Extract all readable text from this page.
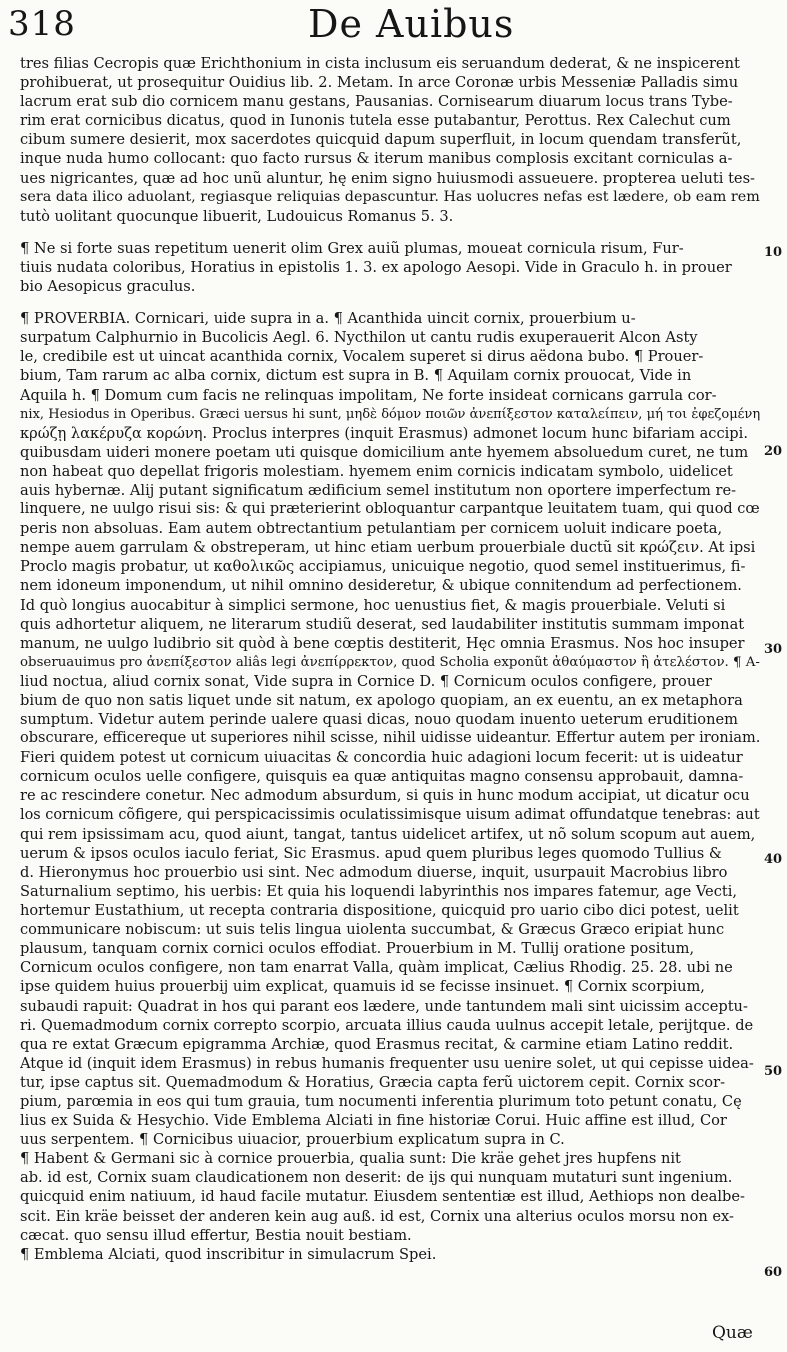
318	De Auibus
tres filias Cecropis quæ Erichthonium in cista inclusum eis seruandum dederat, & ne inspicerent
prohibuerat, ut prosequitur Ouidius lib. 2. Metam. In arce Coronæ urbis Messeniæ Palladis simu
lacrum erat sub dio cornicem manu gestans, Pausanias. Cornisearum diuarum locus trans Tybe-
rim erat cornicibus dicatus, quod in Iunonis tutela esse putabantur, Perottus. Rex Calechut cum
cibum sumere desierit, mox sacerdotes quicquid dapum superfluit, in locum quendam transferũt,
inque nuda humo collocant: quo facto rursus & iterum manibus complosis excitant corniculas a-
ues nigricantes, quæ ad hoc unũ aluntur, hę enim signo huiusmodi assueuere. propterea ueluti tes-
sera data ilico aduolant, regiasque reliquias depascuntur. Has uolucres nefas est lædere, ob eam rem
tutò uolitant quocunque libuerit, Ludouicus Romanus 5. 3.
¶ Ne si forte suas repetitum uenerit olim Grex auiũ plumas, moueat cornicula risum, Fur-
tiuis nudata coloribus, Horatius in epistolis 1. 3. ex apologo Aesopi. Vide in Graculo h. in prouer
bio Aesopicus graculus.
¶ PROVERBIA. Cornicari, uide supra in a. ¶ Acanthida uincit cornix, prouerbium u-
surpatum Calphurnio in Bucolicis Aegl. 6. Nycthilon ut cantu rudis exuperauerit Alcon Asty
le, credibile est ut uincat acanthida cornix, Vocalem superet si dirus aëdona bubo. ¶ Prouer-
bium, Tam rarum ac alba cornix, dictum est supra in B. ¶ Aquilam cornix prouocat, Vide in
Aquila h. ¶ Domum cum facis ne relinquas impolitam, Ne forte insideat cornicans garrula cor-
nix, Hesiodus in Operibus. Græci uersus hi sunt, μηδὲ δόμον ποιῶν ἀνεπίξεστον καταλείπειν, μή τοι ἐφεζομένη
κρώζῃ λακέρυζα κορώνη. Proclus interpres (inquit Erasmus) admonet locum hunc bifariam accipi.
quibusdam uideri monere poetam uti quisque domicilium ante hyemem absoluedum curet, ne tum
non habeat quo depellat frigoris molestiam. hyemem enim cornicis indicatam symbolo, uidelicet
auis hybernæ. Alij putant significatum ædificium semel institutum non oportere imperfectum re-
linquere, ne uulgo risui sis: & qui præterierint obloquantur carpantque leuitatem tuam, qui quod cœ
peris non absoluas. Eam autem obtrectantium petulantiam per cornicem uoluit indicare poeta,
nempe auem garrulam & obstreperam, ut hinc etiam uerbum prouerbiale ductũ sit κρώζειν. At ipsi
Proclo magis probatur, ut καθολικῶς accipiamus, unicuique negotio, quod semel instituerimus, fi-
nem idoneum imponendum, ut nihil omnino desideretur, & ubique connitendum ad perfectionem.
Id quò longius auocabitur à simplici sermone, hoc uenustius fiet, & magis prouerbiale. Veluti si
quis adhortetur aliquem, ne literarum studiũ deserat, sed laudabiliter institutis summam imponat
manum, ne uulgo ludibrio sit quòd à bene cœptis destiterit, Hęc omnia Erasmus. Nos hoc insuper
obseruauimus pro ἀνεπίξεστον aliâs legi ἀνεπίρρεκτον, quod Scholia exponũt ἀθαύμαστον ἢ ἀτελέστον. ¶ A-
liud noctua, aliud cornix sonat, Vide supra in Cornice D. ¶ Cornicum oculos configere, prouer
bium de quo non satis liquet unde sit natum, ex apologo quopiam, an ex euentu, an ex metaphora
sumptum. Videtur autem perinde ualere quasi dicas, nouo quodam inuento ueterum eruditionem
obscurare, efficereque ut superiores nihil scisse, nihil uidisse uideantur. Effertur autem per ironiam.
Fieri quidem potest ut cornicum uiuacitas & concordia huic adagioni locum fecerit: ut is uideatur
cornicum oculos uelle configere, quisquis ea quæ antiquitas magno consensu approbauit, damna-
re ac rescindere conetur. Nec admodum absurdum, si quis in hunc modum accipiat, ut dicatur ocu
los cornicum cõfigere, qui perspicacissimis oculatissimisque uisum adimat offundatque tenebras: aut
qui rem ipsissimam acu, quod aiunt, tangat, tantus uidelicet artifex, ut nõ solum scopum aut auem,
uerum & ipsos oculos iaculo feriat, Sic Erasmus. apud quem pluribus leges quomodo Tullius &
d. Hieronymus hoc prouerbio usi sint. Nec admodum diuerse, inquit, usurpauit Macrobius libro
Saturnalium septimo, his uerbis: Et quia his loquendi labyrinthis nos impares fatemur, age Vecti,
hortemur Eustathium, ut recepta contraria dispositione, quicquid pro uario cibo dici potest, uelit
communicare nobiscum: ut suis telis lingua uiolenta succumbat, & Græcus Græco eripiat hunc
plausum, tanquam cornix cornici oculos effodiat. Prouerbium in M. Tullij oratione positum,
Cornicum oculos configere, non tam enarrat Valla, quàm implicat, Cælius Rhodig. 25. 28. ubi ne
ipse quidem huius prouerbij uim explicat, quamuis id se fecisse insinuet. ¶ Cornix scorpium,
subaudi rapuit: Quadrat in hos qui parant eos lædere, unde tantundem mali sint uicissim acceptu-
ri. Quemadmodum cornix correpto scorpio, arcuata illius cauda uulnus accepit letale, perijtque. de
qua re extat Græcum epigramma Archiæ, quod Erasmus recitat, & carmine etiam Latino reddit.
Atque id (inquit idem Erasmus) in rebus humanis frequenter usu uenire solet, ut qui cepisse uidea-
tur, ipse captus sit. Quemadmodum & Horatius, Græcia capta ferũ uictorem cepit. Cornix scor-
pium, parœmia in eos qui tum grauia, tum nocumenti inferentia plurimum toto petunt conatu, Cę
lius ex Suida & Hesychio. Vide Emblema Alciati in fine historiæ Corui. Huic affine est illud, Cor
uus serpentem. ¶ Cornicibus uiuacior, prouerbium explicatum supra in C.
¶ Habent & Germani sic à cornice prouerbia, qualia sunt: Die kräe gehet jres hupfens nit
ab. id est, Cornix suam claudicationem non deserit: de ijs qui nunquam mutaturi sunt ingenium.
quicquid enim natiuum, id haud facile mutatur. Eiusdem sententiæ est illud, Aethiops non dealbe-
scit. Ein kräe beisset der anderen kein aug auß. id est, Cornix una alterius oculos morsu non ex-
cæcat. quo sensu illud effertur, Bestia nouit bestiam.
¶ Emblema Alciati, quod inscribitur in simulacrum Spei.
10
20
30
40
50
60
Quæ
